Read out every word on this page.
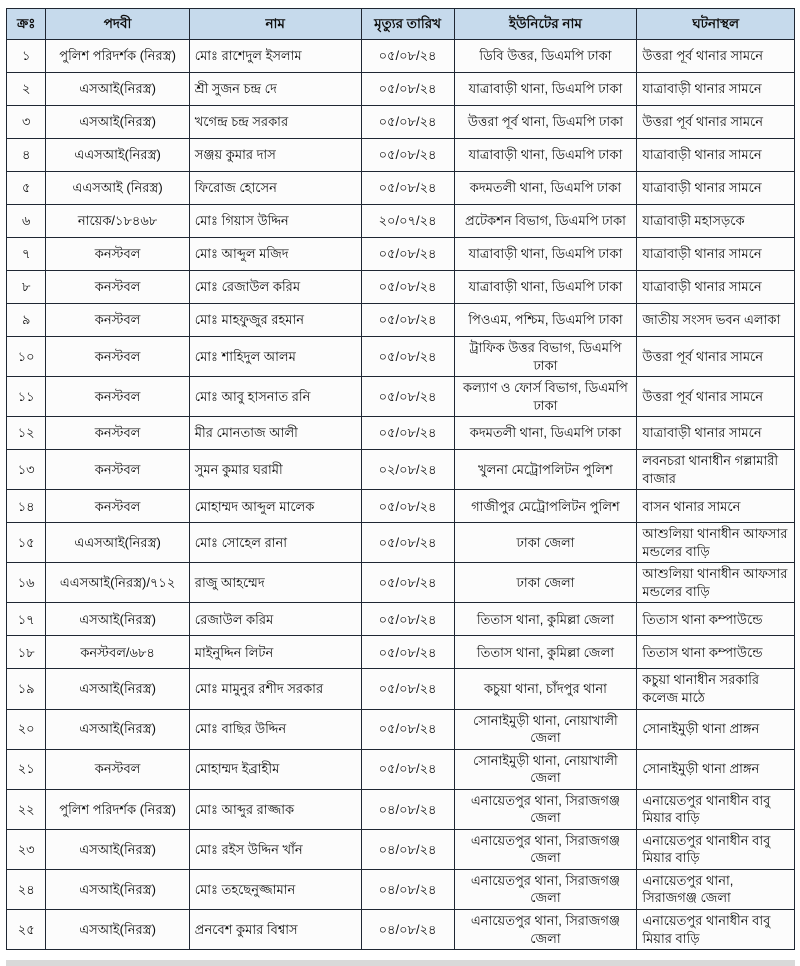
ক্রঃ	পদবী	নাম	মৃত্যুর তারিখ	ইউনিটের নাম	ঘটনাস্থল
১	পুলিশ পরিদর্শক (নিরস্ত্র)	মোঃ রাশেদুল ইসলাম	০৫/০৮/২৪	ডিবি উত্তর, ডিএমপি ঢাকা	উত্তরা পূর্ব থানার সামনে
২	এসআই(নিরস্ত্র)	শ্রী সুজন চন্দ্র দে	০৫/০৮/২৪	যাত্রাবাড়ী থানা, ডিএমপি ঢাকা	যাত্রাবাড়ী থানার সামনে
৩	এসআই(নিরস্ত্র)	খগেন্দ্র চন্দ্র সরকার	০৫/০৮/২৪	উত্তরা পূর্ব থানা, ডিএমপি ঢাকা	উত্তরা পূর্ব থানার সামনে
৪	এএসআই(নিরস্ত্র)	সঞ্জয় কুমার দাস	০৫/০৮/২৪	যাত্রাবাড়ী থানা, ডিএমপি ঢাকা	যাত্রাবাড়ী থানার সামনে
৫	এএসআই (নিরস্ত্র)	ফিরোজ হোসেন	০৫/০৮/২৪	কদমতলী থানা, ডিএমপি ঢাকা	যাত্রাবাড়ী থানার সামনে
৬	নায়েক/১৮৪৬৮	মোঃ গিয়াস উদ্দিন	২০/০৭/২৪	প্রটেকশন বিভাগ, ডিএমপি ঢাকা	যাত্রাবাড়ী মহাসড়কে
৭	কনস্টবল	মোঃ আব্দুল মজিদ	০৫/০৮/২৪	যাত্রাবাড়ী থানা, ডিএমপি ঢাকা	যাত্রাবাড়ী থানার সামনে
৮	কনস্টবল	মোঃ রেজাউল করিম	০৫/০৮/২৪	যাত্রাবাড়ী থানা, ডিএমপি ঢাকা	যাত্রাবাড়ী থানার সামনে
৯	কনস্টবল	মোঃ মাহফুজুর রহমান	০৫/০৮/২৪	পিওএম, পশ্চিম, ডিএমপি ঢাকা	জাতীয় সংসদ ভবন এলাকা
১০	কনস্টবল	মোঃ শাহিদুল আলম	০৫/০৮/২৪	ট্রাফিক উত্তর বিভাগ, ডিএমপি ঢাকা	উত্তরা পূর্ব থানার সামনে
১১	কনস্টবল	মোঃ আবু হাসনাত রনি	০৫/০৮/২৪	কল্যাণ ও ফোর্স বিভাগ, ডিএমপি ঢাকা	উত্তরা পূর্ব থানার সামনে
১২	কনস্টবল	মীর মোনতাজ আলী	০৫/০৮/২৪	কদমতলী থানা, ডিএমপি ঢাকা	যাত্রাবাড়ী থানার সামনে
১৩	কনস্টবল	সুমন কুমার ঘরামী	০২/০৮/২৪	খুলনা মেট্রোপলিটন পুলিশ	লবনচরা থানাধীন গল্লামারী বাজার
১৪	কনস্টবল	মোহাম্মদ আব্দুল মালেক	০৫/০৮/২৪	গাজীপুর মেট্রোপলিটন পুলিশ	বাসন থানার সামনে
১৫	এএসআই(নিরস্ত্র)	মোঃ সোহেল রানা	০৫/০৮/২৪	ঢাকা জেলা	আশুলিয়া থানাধীন আফসার মন্ডলের বাড়ি
১৬	এএসআই(নিরস্ত্র)/৭১২	রাজু আহম্মেদ	০৫/০৮/২৪	ঢাকা জেলা	আশুলিয়া থানাধীন আফসার মন্ডলের বাড়ি
১৭	এসআই(নিরস্ত্র)	রেজাউল করিম	০৫/০৮/২৪	তিতাস থানা, কুমিল্লা জেলা	তিতাস থানা কম্পাউন্ডে
১৮	কনস্টবল/৬৮৪	মাইনুদ্দিন লিটন	০৫/০৮/২৪	তিতাস থানা, কুমিল্লা জেলা	তিতাস থানা কম্পাউন্ডে
১৯	এসআই(নিরস্ত্র)	মোঃ মামুনুর রশীদ সরকার	০৫/০৮/২৪	কচুয়া থানা, চাঁদপুর থানা	কচুয়া থানাধীন সরকারি কলেজ মাঠে
২০	এসআই(নিরস্ত্র)	মোঃ বাছির উদ্দিন	০৫/০৮/২৪	সোনাইমুড়ী থানা, নোয়াখালী জেলা	সোনাইমুড়ী থানা প্রাঙ্গন
২১	কনস্টবল	মোহাম্মদ ইব্রাহীম	০৫/০৮/২৪	সোনাইমুড়ী থানা, নোয়াখালী জেলা	সোনাইমুড়ী থানা প্রাঙ্গন
২২	পুলিশ পরিদর্শক (নিরস্ত্র)	মোঃ আব্দুর রাজ্জাক	০৪/০৮/২৪	এনায়েতপুর থানা, সিরাজগঞ্জ জেলা	এনায়েতপুর থানাধীন বাবু মিয়ার বাড়ি
২৩	এসআই(নিরস্ত্র)	মোঃ রইস উদ্দিন খাঁন	০৪/০৮/২৪	এনায়েতপুর থানা, সিরাজগঞ্জ জেলা	এনায়েতপুর থানাধীন বাবু মিয়ার বাড়ি
২৪	এসআই(নিরস্ত্র)	মোঃ তহছেনুজ্জামান	০৪/০৮/২৪	এনায়েতপুর থানা, সিরাজগঞ্জ জেলা	এনায়েতপুর থানা, সিরাজগঞ্জ জেলা
২৫	এসআই(নিরস্ত্র)	প্রনবেশ কুমার বিশ্বাস	০৪/০৮/২৪	এনায়েতপুর থানা, সিরাজগঞ্জ জেলা	এনায়েতপুর থানাধীন বাবু মিয়ার বাড়ি
